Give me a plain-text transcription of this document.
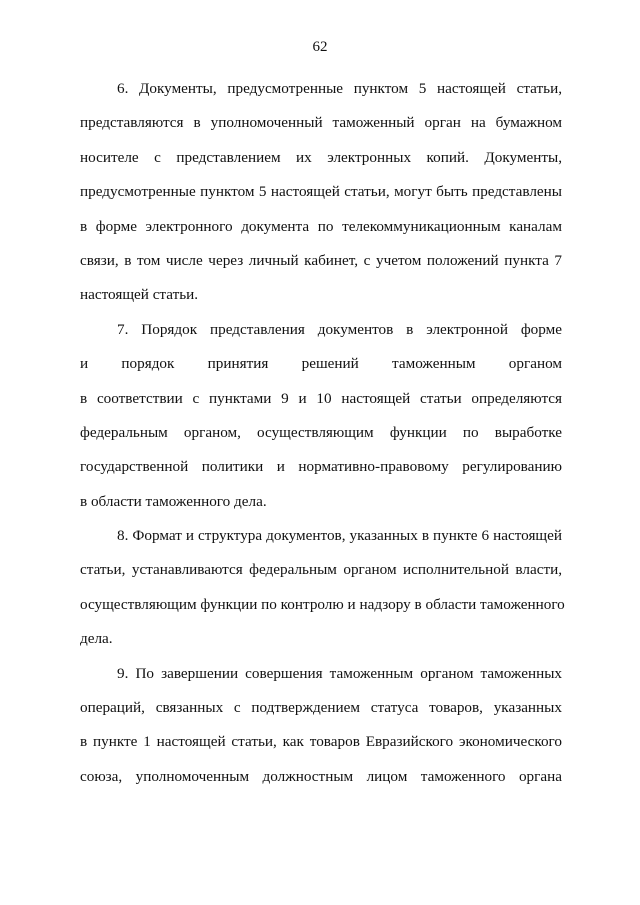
62
6. Документы, предусмотренные пунктом 5 настоящей статьи,
представляются в уполномоченный таможенный орган на бумажном
носителе с представлением их электронных копий. Документы,
предусмотренные пунктом 5 настоящей статьи, могут быть представлены
в форме электронного документа по телекоммуникационным каналам
связи, в том числе через личный кабинет, с учетом положений пункта 7
настоящей статьи.
7. Порядок представления документов в электронной форме
и порядок принятия решений таможенным органом
в соответствии с пунктами 9 и 10 настоящей статьи определяются
федеральным органом, осуществляющим функции по выработке
государственной политики и нормативно-правовому регулированию
в области таможенного дела.
8. Формат и структура документов, указанных в пункте 6 настоящей
статьи, устанавливаются федеральным органом исполнительной власти,
осуществляющим функции по контролю и надзору в области таможенного
дела.
9. По завершении совершения таможенным органом таможенных
операций, связанных с подтверждением статуса товаров, указанных
в пункте 1 настоящей статьи, как товаров Евразийского экономического
союза, уполномоченным должностным лицом таможенного органа
